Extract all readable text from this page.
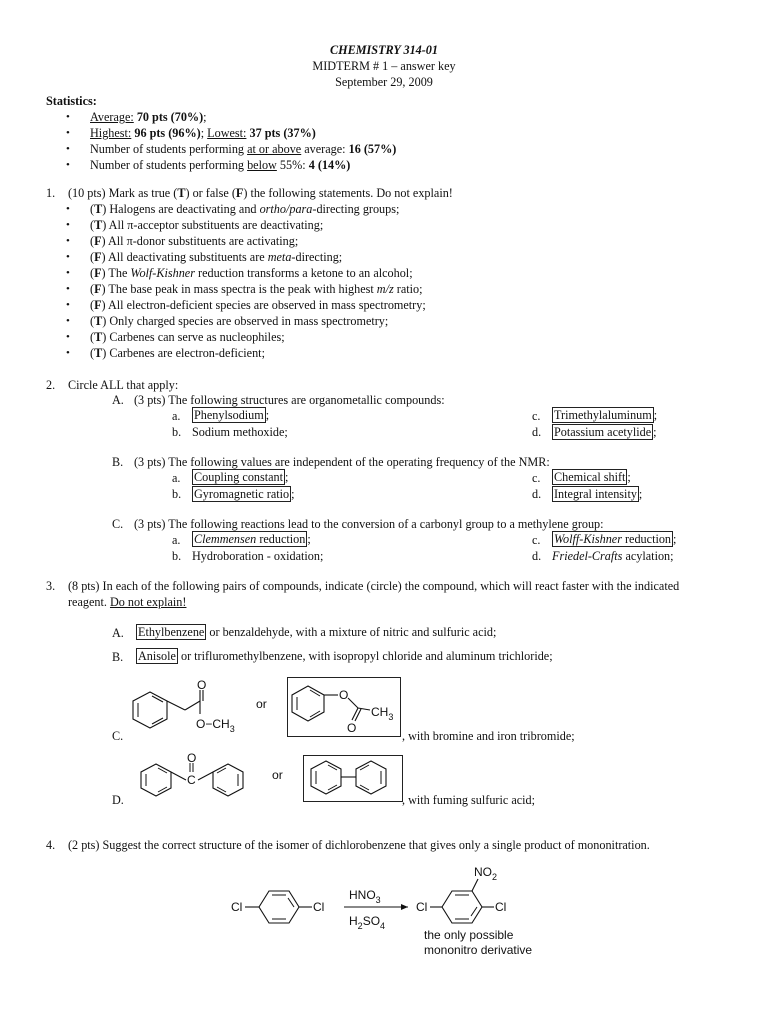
CHEMISTRY 314-01
MIDTERM # 1 – answer key
September 29, 2009
Statistics:
• Average: 70 pts (70%);
• Highest: 96 pts (96%); Lowest: 37 pts (37%)
• Number of students performing at or above average: 16 (57%)
• Number of students performing below 55%: 4 (14%)
1. (10 pts) Mark as true (T) or false (F) the following statements. Do not explain!
• (T) Halogens are deactivating and ortho/para-directing groups;
• (T) All π-acceptor substituents are deactivating;
• (F) All π-donor substituents are activating;
• (F) All deactivating substituents are meta-directing;
• (F) The Wolf-Kishner reduction transforms a ketone to an alcohol;
• (F) The base peak in mass spectra is the peak with highest m/z ratio;
• (F) All electron-deficient species are observed in mass spectrometry;
• (T) Only charged species are observed in mass spectrometry;
• (T) Carbenes can serve as nucleophiles;
• (T) Carbenes are electron-deficient;
2. Circle ALL that apply:
A. (3 pts) The following structures are organometallic compounds:
a. Phenylsodium ;
b. Sodium methoxide;
c. Trimethylaluminum ;
d. Potassium acetylide ;
B. (3 pts) The following values are independent of the operating frequency of the NMR:
a. Coupling constant ;
b. Gyromagnetic ratio ;
c. Chemical shift ;
d. Integral intensity ;
C. (3 pts) The following reactions lead to the conversion of a carbonyl group to a methylene group:
a. Clemmensen reduction ;
b. Hydroboration - oxidation;
c. Wolff-Kishner reduction ;
d. Friedel-Crafts acylation;
3. (8 pts) In each of the following pairs of compounds, indicate (circle) the compound, which will react faster with the indicated
reagent. Do not explain!
A. Ethylbenzene or benzaldehyde, with a mixture of nitric and sulfuric acid;
B. Anisole or trifluromethylbenzene, with isopropyl chloride and aluminum trichloride;
O
$O-CH_3$
or
O
$CH_3$
O
C.	, with bromine and iron tribromide;
O
C	or
D.	, with fuming sulfuric acid;
4. (2 pts) Suggest the correct structure of the isomer of dichlorobenzene that gives only a single product of mononitration.
Cl	Cl
$HNO_3$
$H_2SO_4$
Cl
$NO_2$
Cl
the only possible
mononitro derivative
